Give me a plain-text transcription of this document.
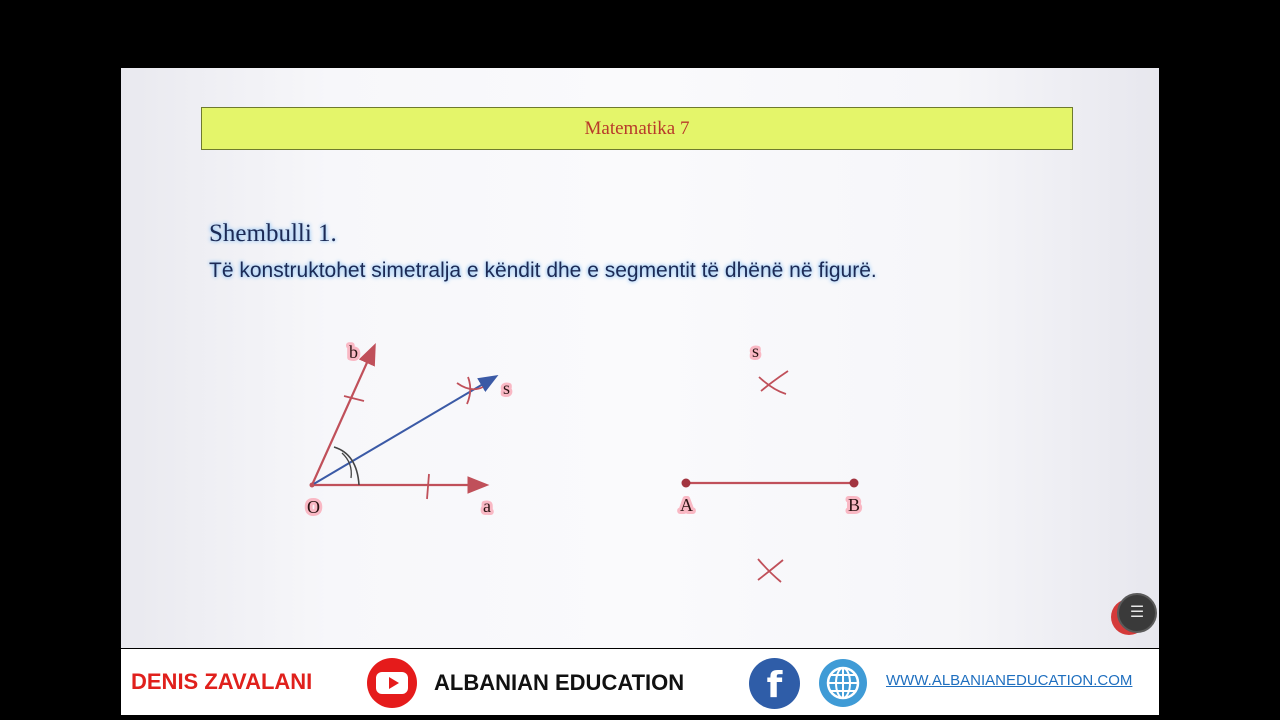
Matematika 7
Shembulli 1.
Të konstruktohet simetralja e këndit dhe e segmentit të dhënë në figurë.
O	a
b
s
A	B
s
☰
DENIS ZAVALANI	ALBANIAN EDUCATION	f	WWW.ALBANIANEDUCATION.COM
